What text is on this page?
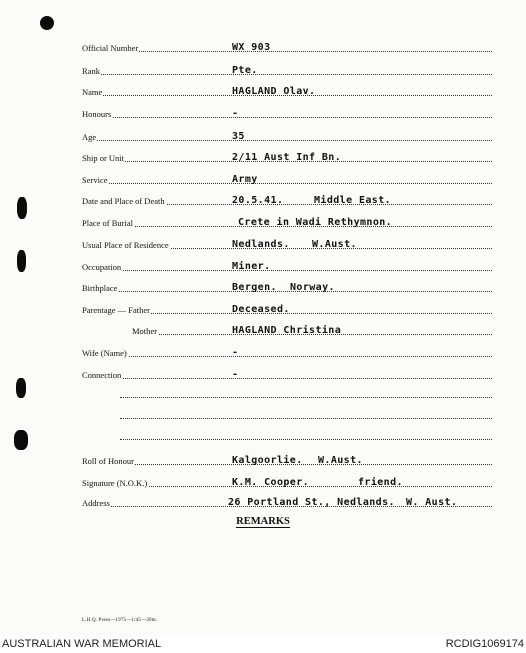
Official Number	WX 903
Rank	Pte.
Name	HAGLAND Olav.
Honours	-
Age	35
Ship or Unit	2/11 Aust Inf Bn.
Service	Army
Date and Place of Death	20.5.41.	Middle East.
Place of Burial	Crete in Wadi Rethymnon.
Usual Place of Residence	Nedlands. W.Aust.
Occupation	Miner.
Birthplace	Bergen. Norway.
Parentage — Father	Deceased.
Mother	HAGLAND Christina
Wife (Name)	-
Connection	-
Roll of Honour	Kalgoorlie. W.Aust.
Signature (N.O.K.)	K.M. Cooper.	friend.
Address	26 Portland St., Nedlands. W. Aust.
REMARKS
L.H.Q. Press—1975—1/45—20m.
AUSTRALIAN WAR MEMORIAL	RCDIG1069174
